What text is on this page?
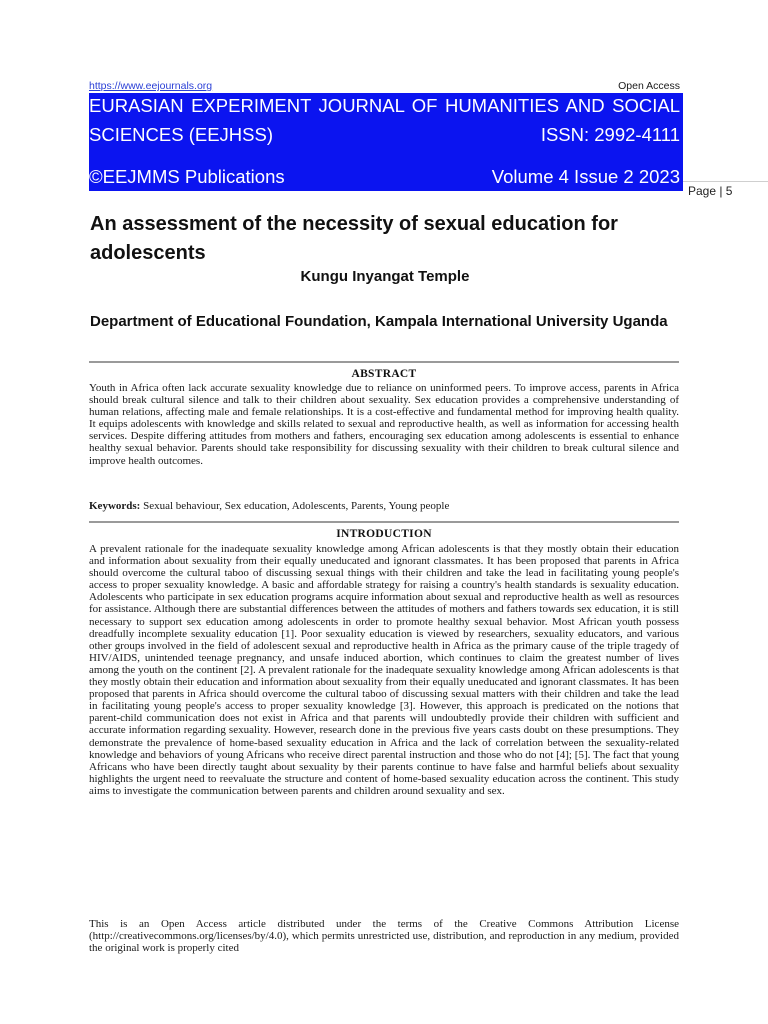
https://www.eejournals.org	Open Access
EURASIAN EXPERIMENT JOURNAL OF HUMANITIES AND SOCIAL
SCIENCES (EEJHSS)	ISSN: 2992-4111
©EEJMMS Publications	Volume 4 Issue 2 2023
Page | 5
An assessment of the necessity of sexual education for adolescents

Kungu Inyangat Temple

Department of Educational Foundation, Kampala International University Uganda

ABSTRACT

Youth in Africa often lack accurate sexuality knowledge due to reliance on uninformed peers. To improve access, parents in Africa should break cultural silence and talk to their children about sexuality. Sex education provides a comprehensive understanding of human relations, affecting male and female relationships. It is a cost-effective and fundamental method for improving health quality. It equips adolescents with knowledge and skills related to sexual and reproductive health, as well as information for accessing health services. Despite differing attitudes from mothers and fathers, encouraging sex education among adolescents is essential to enhance healthy sexual behavior. Parents should take responsibility for discussing sexuality with their children to break cultural silence and improve health outcomes.

Keywords: Sexual behaviour, Sex education, Adolescents, Parents, Young people

INTRODUCTION

A prevalent rationale for the inadequate sexuality knowledge among African adolescents is that they mostly obtain their education and information about sexuality from their equally uneducated and ignorant classmates. It has been proposed that parents in Africa should overcome the cultural taboo of discussing sexual things with their children and take the lead in facilitating young people's access to proper sexuality knowledge. A basic and affordable strategy for raising a country's health standards is sexuality education. Adolescents who participate in sex education programs acquire information about sexual and reproductive health as well as resources for assistance. Although there are substantial differences between the attitudes of mothers and fathers towards sex education, it is still necessary to support sex education among adolescents in order to promote healthy sexual behavior. Most African youth possess dreadfully incomplete sexuality education [1]. Poor sexuality education is viewed by researchers, sexuality educators, and various other groups involved in the field of adolescent sexual and reproductive health in Africa as the primary cause of the triple tragedy of HIV/AIDS, unintended teenage pregnancy, and unsafe induced abortion, which continues to claim the greatest number of lives among the youth on the continent [2]. A prevalent rationale for the inadequate sexuality knowledge among African adolescents is that they mostly obtain their education and information about sexuality from their equally uneducated and ignorant classmates. It has been proposed that parents in Africa should overcome the cultural taboo of discussing sexual matters with their children and take the lead in facilitating young people's access to proper sexuality knowledge [3]. However, this approach is predicated on the notions that parent-child communication does not exist in Africa and that parents will undoubtedly provide their children with sufficient and accurate information regarding sexuality. However, research done in the previous five years casts doubt on these presumptions. They demonstrate the prevalence of home-based sexuality education in Africa and the lack of correlation between the sexuality-related knowledge and behaviors of young Africans who receive direct parental instruction and those who do not [4]; [5]. The fact that young Africans who have been directly taught about sexuality by their parents continue to have false and harmful beliefs about sexuality highlights the urgent need to reevaluate the structure and content of home-based sexuality education across the continent. This study aims to investigate the communication between parents and children around sexuality and sex.

This is an Open Access article distributed under the terms of the Creative Commons Attribution License (http://creativecommons.org/licenses/by/4.0), which permits unrestricted use, distribution, and reproduction in any medium, provided the original work is properly cited
